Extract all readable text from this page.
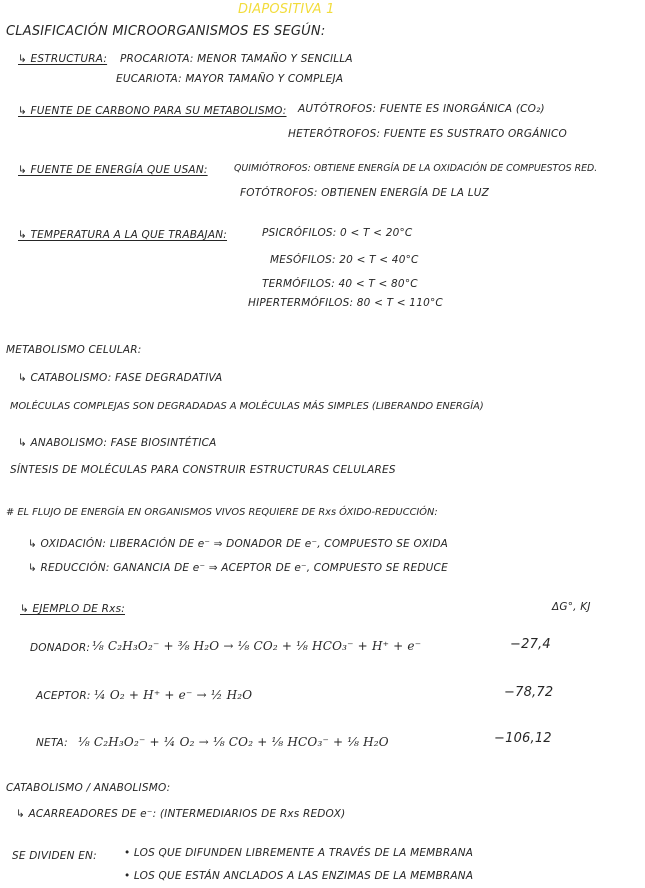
DIAPOSITIVA 1
CLASIFICACIÓN MICROORGANISMOS ES SEGÚN:
↳ ESTRUCTURA: PROCARIOTA: MENOR TAMAÑO Y SENCILLA
EUCARIOTA: MAYOR TAMAÑO Y COMPLEJA
↳ FUENTE DE CARBONO PARA SU METABOLISMO: AUTÓTROFOS: FUENTE ES INORGÁNICA (CO₂)
HETERÓTROFOS: FUENTE ES SUSTRATO ORGÁNICO
↳ FUENTE DE ENERGÍA QUE USAN:	QUIMIÓTROFOS: OBTIENE ENERGÍA DE LA OXIDACIÓN DE COMPUESTOS RED.
FOTÓTROFOS: OBTIENEN ENERGÍA DE LA LUZ
↳ TEMPERATURA A LA QUE TRABAJAN:	PSICRÓFILOS: 0 < T < 20°C
MESÓFILOS: 20 < T < 40°C
TERMÓFILOS: 40 < T < 80°C
HIPERTERMÓFILOS: 80 < T < 110°C
METABOLISMO CELULAR:
↳ CATABOLISMO: FASE DEGRADATIVA
MOLÉCULAS COMPLEJAS SON DEGRADADAS A MOLÉCULAS MÁS SIMPLES (LIBERANDO ENERGÍA)
↳ ANABOLISMO: FASE BIOSINTÉTICA
SÍNTESIS DE MOLÉCULAS PARA CONSTRUIR ESTRUCTURAS CELULARES
# EL FLUJO DE ENERGÍA EN ORGANISMOS VIVOS REQUIERE DE Rxs ÓXIDO-REDUCCIÓN:
↳ OXIDACIÓN: LIBERACIÓN DE e⁻ ⇒ DONADOR DE e⁻, COMPUESTO SE OXIDA
↳ REDUCCIÓN: GANANCIA DE e⁻ ⇒ ACEPTOR DE e⁻, COMPUESTO SE REDUCE
↳ EJEMPLO DE Rxs:	ΔG°, KJ
DONADOR: ⅛ C₂H₃O₂⁻ + ⅜ H₂O → ⅛ CO₂ + ⅛ HCO₃⁻ + H⁺ + e⁻	−27,4
ACEPTOR: ¼ O₂ + H⁺ + e⁻ → ½ H₂O	−78,72
NETA: ⅛ C₂H₃O₂⁻ + ¼ O₂ → ⅛ CO₂ + ⅛ HCO₃⁻ + ⅛ H₂O	−106,12
CATABOLISMO / ANABOLISMO:
↳ ACARREADORES DE e⁻: (INTERMEDIARIOS DE Rxs REDOX)
SE DIVIDEN EN:	• LOS QUE DIFUNDEN LIBREMENTE A TRAVÉS DE LA MEMBRANA
• LOS QUE ESTÁN ANCLADOS A LAS ENZIMAS DE LA MEMBRANA
